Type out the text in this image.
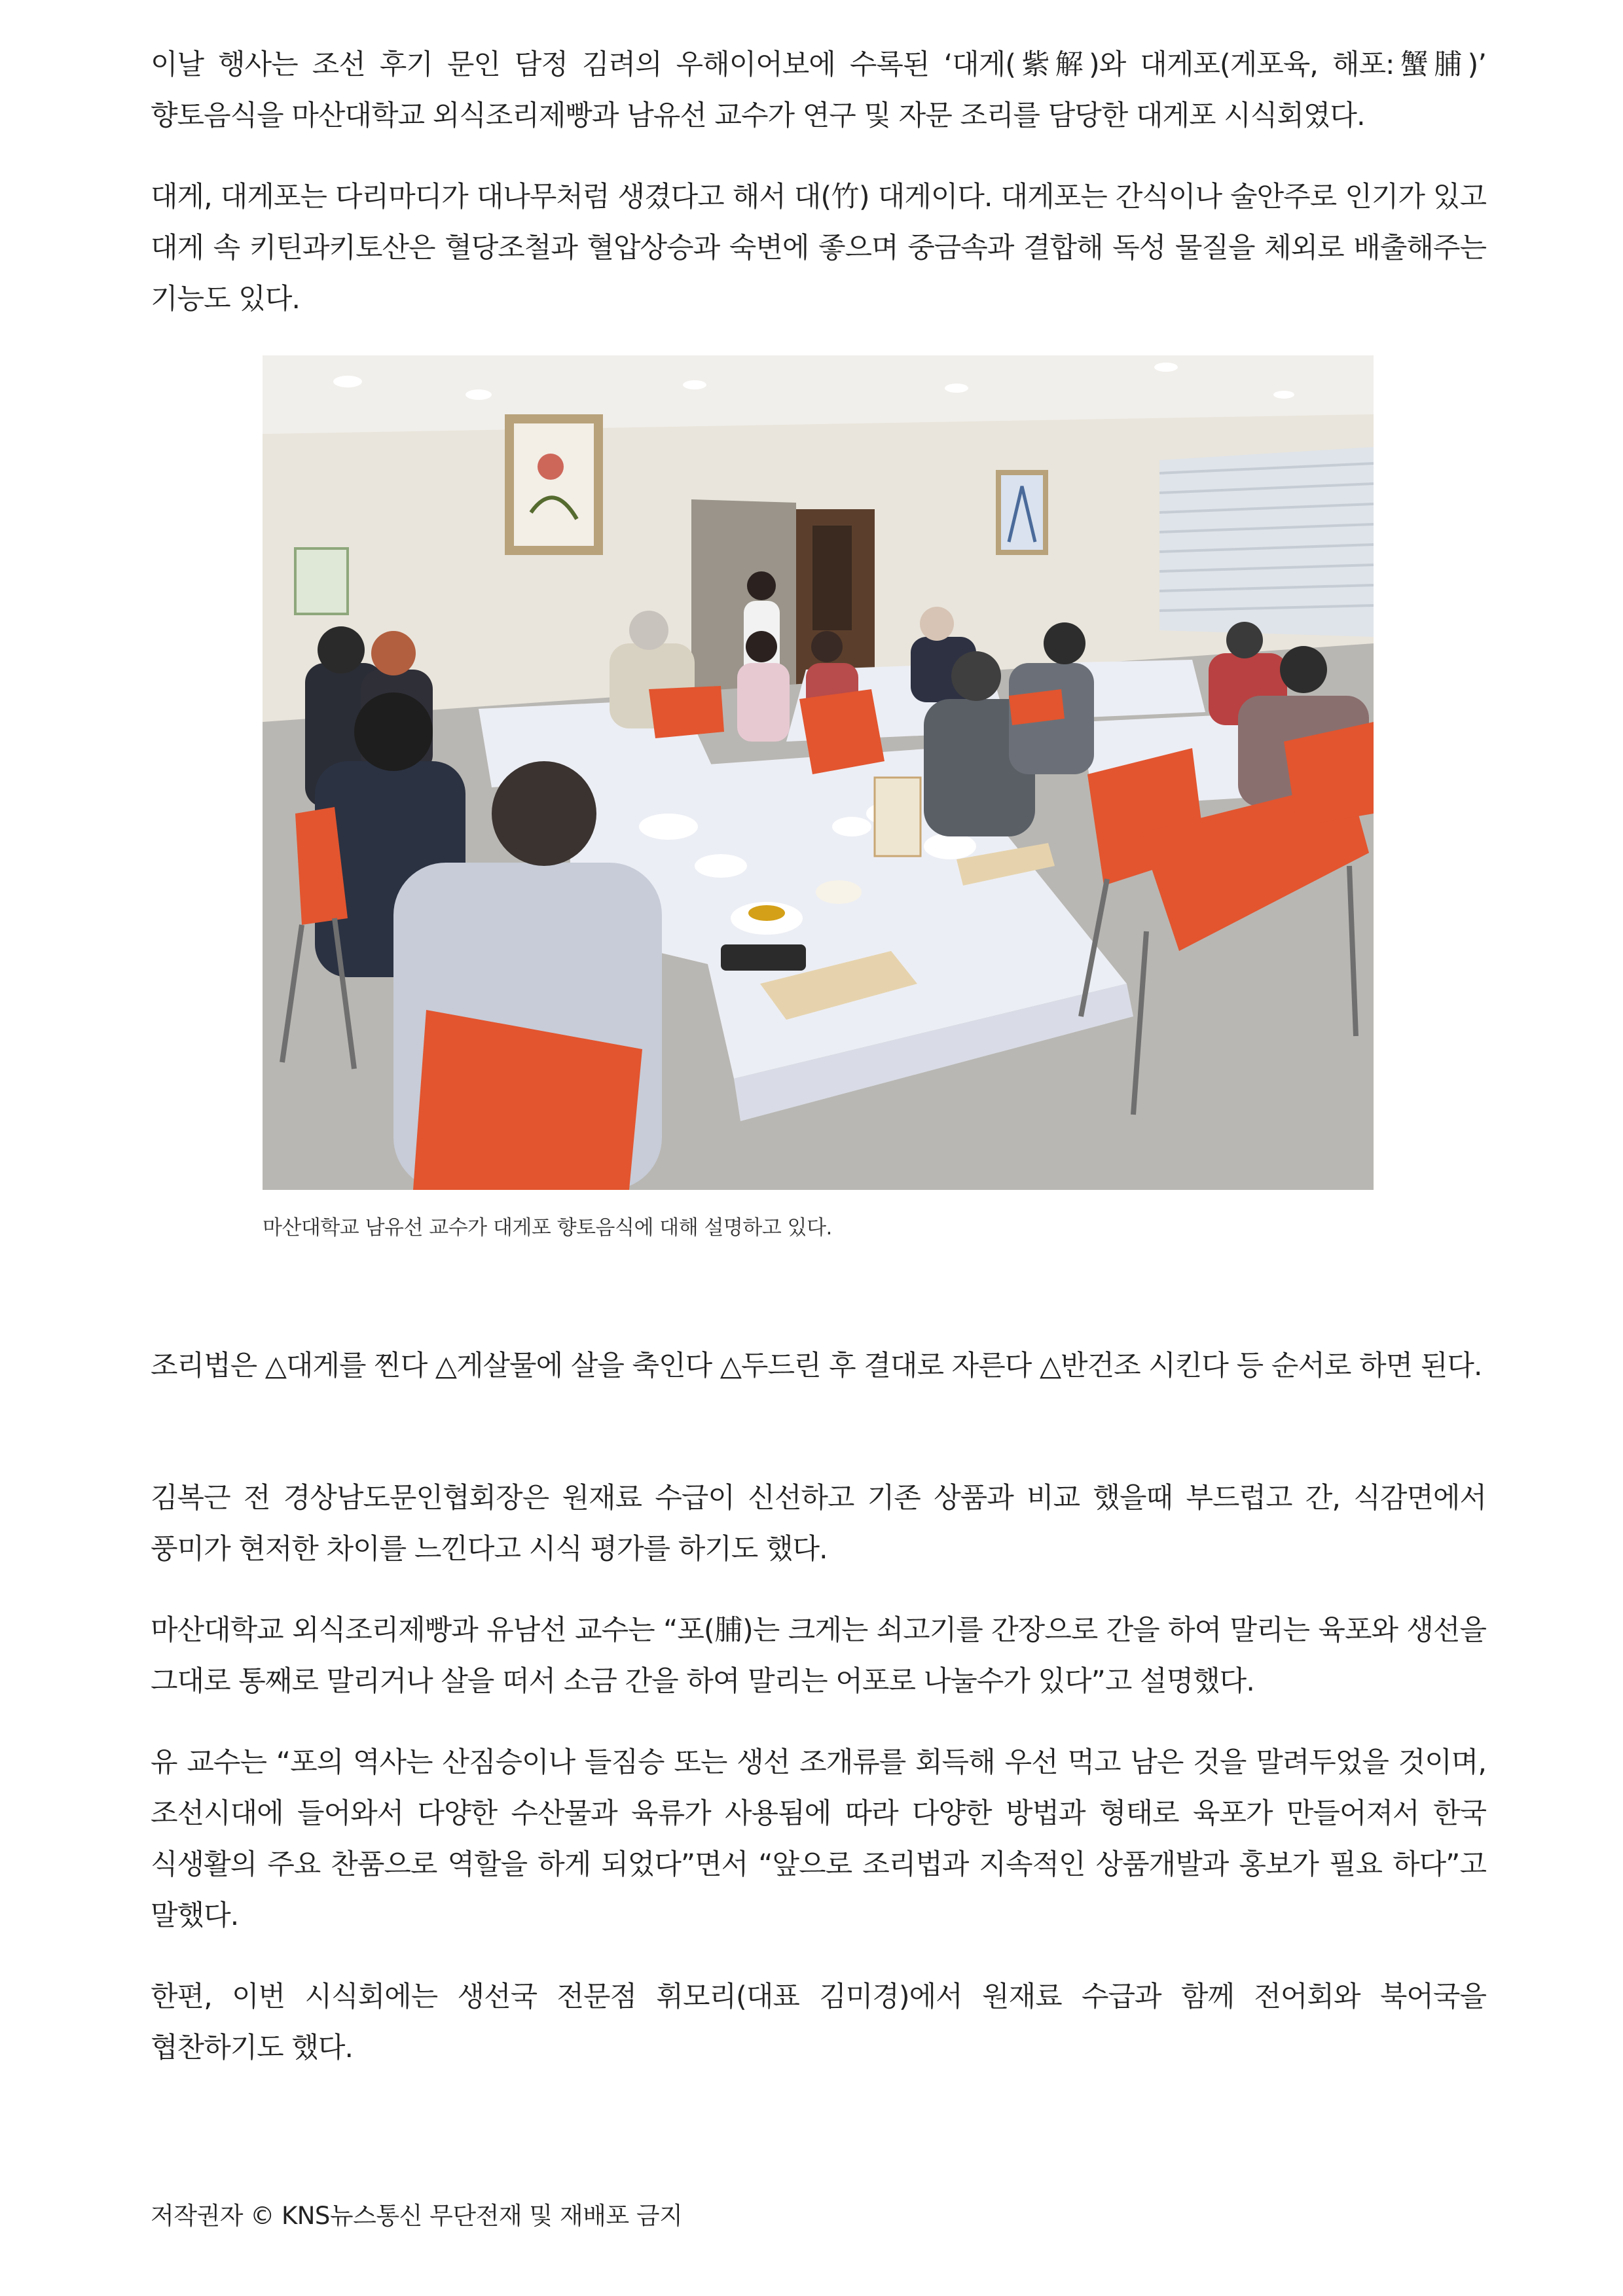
이날 행사는 조선 후기 문인 담정 김려의 우해이어보에 수록된 ‘대게(紫解)와 대게포(게포육, 해포:蟹脯)’ 향토음식을 마산대학교 외식조리제빵과 남유선 교수가 연구 및 자문 조리를 담당한 대게포 시식회였다.

대게, 대게포는 다리마디가 대나무처럼 생겼다고 해서 대(竹) 대게이다. 대게포는 간식이나 술안주로 인기가 있고 대게 속 키틴과키토산은 혈당조철과 혈압상승과 숙변에 좋으며 중금속과 결합해 독성 물질을 체외로 배출해주는 기능도 있다.

마산대학교 남유선 교수가 대게포 향토음식에 대해 설명하고 있다.

조리법은 △대게를 찐다 △게살물에 살을 축인다 △두드린 후 결대로 자른다 △반건조 시킨다 등 순서로 하면 된다.

김복근 전 경상남도문인협회장은 원재료 수급이 신선하고 기존 상품과 비교 했을때 부드럽고 간, 식감면에서 풍미가 현저한 차이를 느낀다고 시식 평가를 하기도 했다.

마산대학교 외식조리제빵과 유남선 교수는 “포(脯)는 크게는 쇠고기를 간장으로 간을 하여 말리는 육포와 생선을 그대로 통째로 말리거나 살을 떠서 소금 간을 하여 말리는 어포로 나눌수가 있다”고 설명했다.

유 교수는 “포의 역사는 산짐승이나 들짐승 또는 생선 조개류를 회득해 우선 먹고 남은 것을 말려두었을 것이며, 조선시대에 들어와서 다양한 수산물과 육류가 사용됨에 따라 다양한 방법과 형태로 육포가 만들어져서 한국 식생활의 주요 찬품으로 역할을 하게 되었다”면서 “앞으로 조리법과 지속적인 상품개발과 홍보가 필요 하다”고 말했다.

한편, 이번 시식회에는 생선국 전문점 휘모리(대표 김미경)에서 원재료 수급과 함께 전어회와 북어국을 협찬하기도 했다.

저작권자 © KNS뉴스통신 무단전재 및 재배포 금지
